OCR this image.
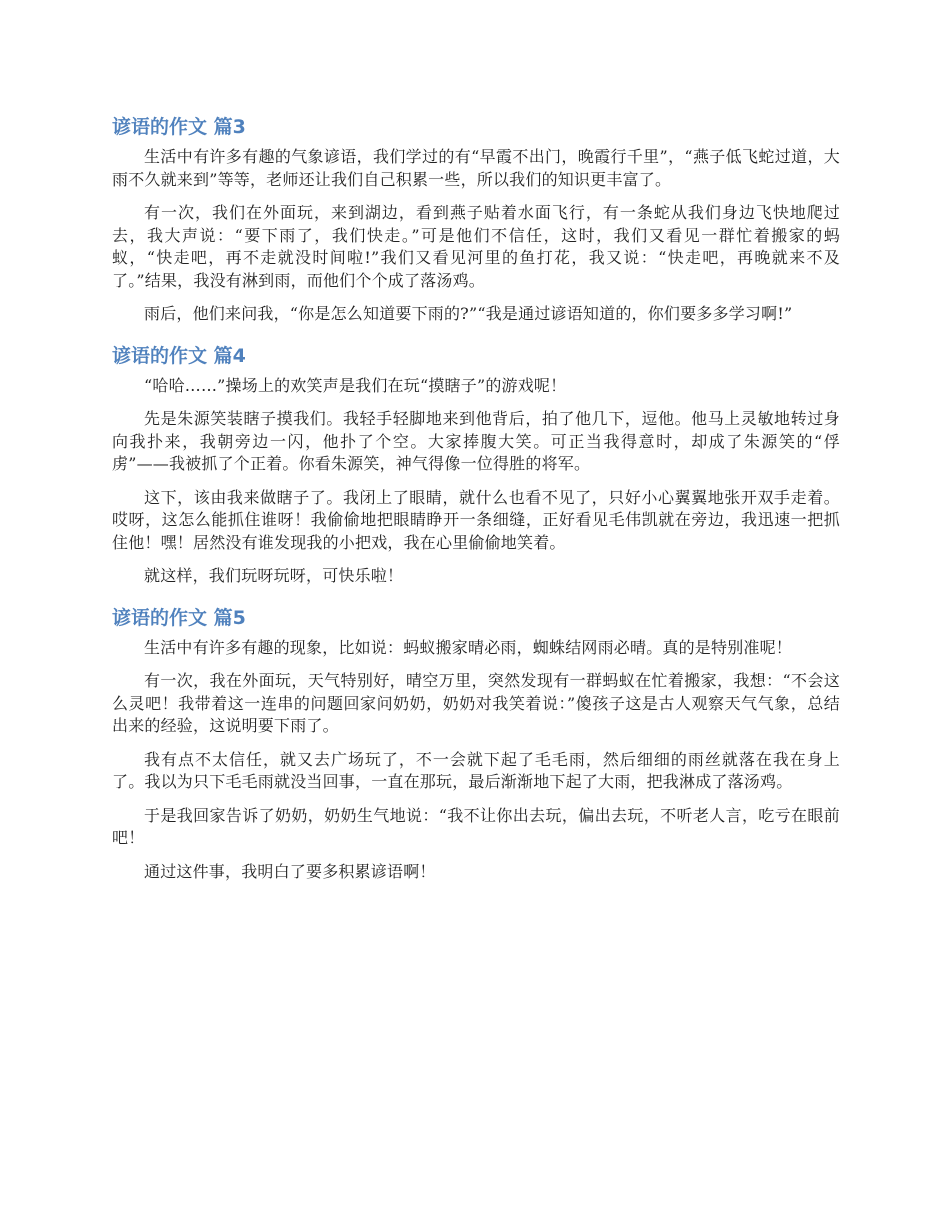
谚语的作文 篇3

生活中有许多有趣的气象谚语，我们学过的有“早霞不出门，晚霞行千里”，“燕子低飞蛇过道，大雨不久就来到”等等，老师还让我们自己积累一些，所以我们的知识更丰富了。

有一次，我们在外面玩，来到湖边，看到燕子贴着水面飞行，有一条蛇从我们身边飞快地爬过去，我大声说：“要下雨了，我们快走。”可是他们不信任，这时，我们又看见一群忙着搬家的蚂蚁，“快走吧，再不走就没时间啦!”我们又看见河里的鱼打花，我又说：“快走吧，再晚就来不及了。”结果，我没有淋到雨，而他们个个成了落汤鸡。

雨后，他们来问我，“你是怎么知道要下雨的?”“我是通过谚语知道的，你们要多多学习啊!”

谚语的作文 篇4

“哈哈……”操场上的欢笑声是我们在玩“摸瞎子”的游戏呢！

先是朱源笑装瞎子摸我们。我轻手轻脚地来到他背后，拍了他几下，逗他。他马上灵敏地转过身向我扑来，我朝旁边一闪，他扑了个空。大家捧腹大笑。可正当我得意时，却成了朱源笑的“俘虏”——我被抓了个正着。你看朱源笑，神气得像一位得胜的将军。

这下，该由我来做瞎子了。我闭上了眼睛，就什么也看不见了，只好小心翼翼地张开双手走着。哎呀，这怎么能抓住谁呀！我偷偷地把眼睛睁开一条细缝，正好看见毛伟凯就在旁边，我迅速一把抓住他！嘿！居然没有谁发现我的小把戏，我在心里偷偷地笑着。

就这样，我们玩呀玩呀，可快乐啦！

谚语的作文 篇5

生活中有许多有趣的现象，比如说：蚂蚁搬家晴必雨，蜘蛛结网雨必晴。真的是特别准呢！

有一次，我在外面玩，天气特别好，晴空万里，突然发现有一群蚂蚁在忙着搬家，我想：“不会这么灵吧！我带着这一连串的问题回家问奶奶，奶奶对我笑着说：”傻孩子这是古人观察天气气象，总结出来的经验，这说明要下雨了。

我有点不太信任，就又去广场玩了，不一会就下起了毛毛雨，然后细细的雨丝就落在我在身上了。我以为只下毛毛雨就没当回事，一直在那玩，最后渐渐地下起了大雨，把我淋成了落汤鸡。

于是我回家告诉了奶奶，奶奶生气地说：“我不让你出去玩，偏出去玩，不听老人言，吃亏在眼前吧！

通过这件事，我明白了要多积累谚语啊！
